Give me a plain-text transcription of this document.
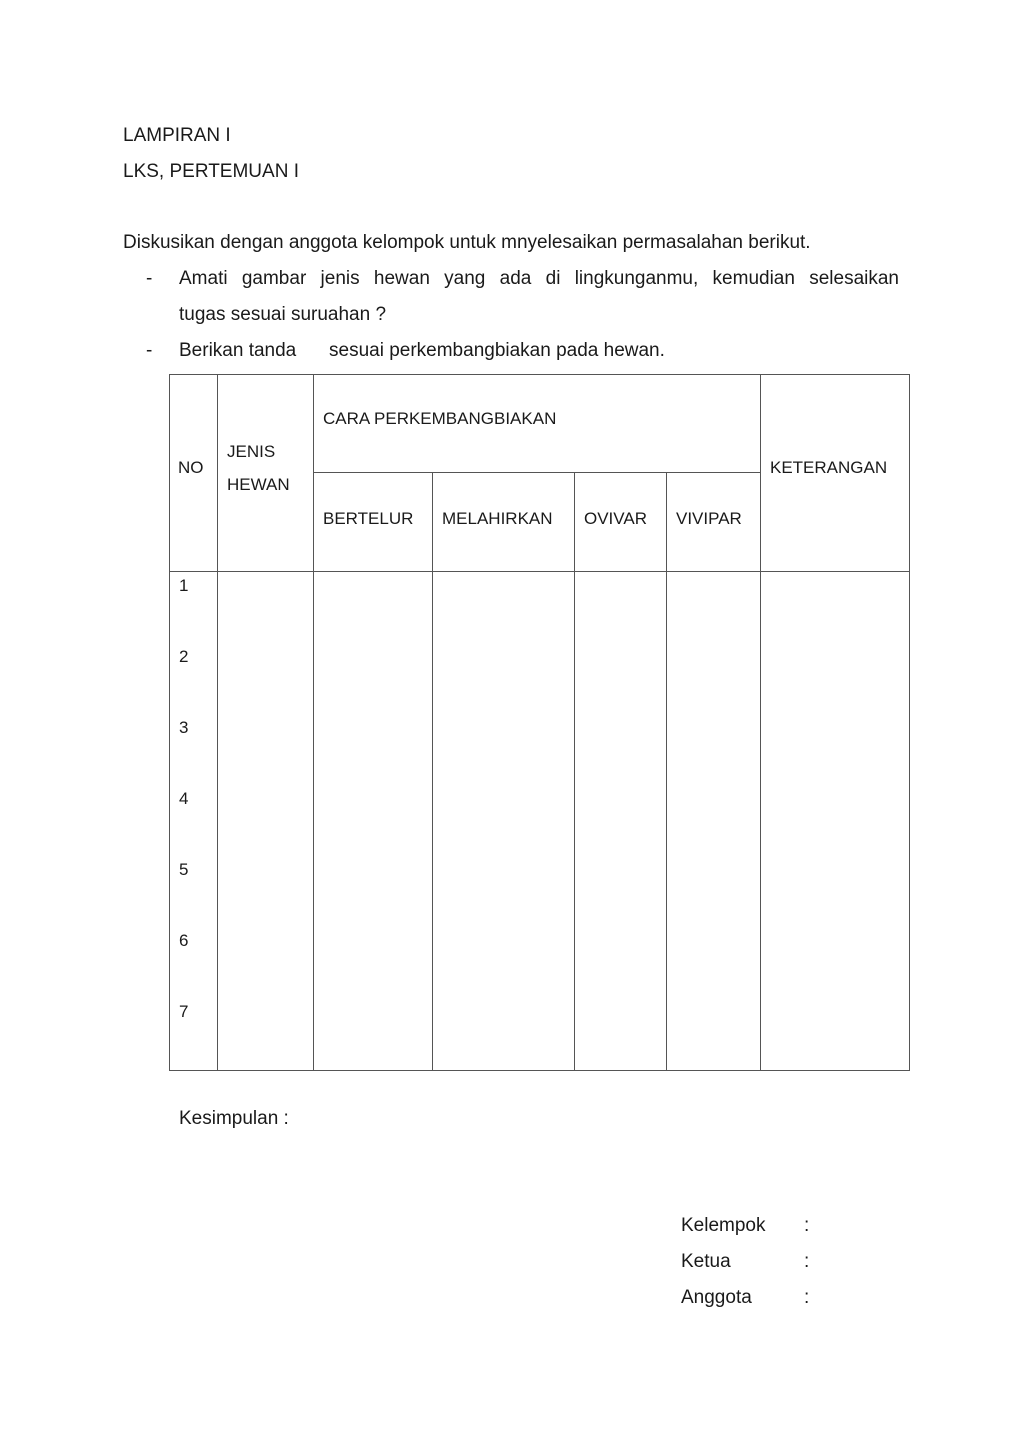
LAMPIRAN I
LKS, PERTEMUAN I
Diskusikan dengan anggota kelompok untuk mnyelesaikan permasalahan berikut.
- Amati gambar jenis hewan yang ada di lingkunganmu, kemudian selesaikan
tugas sesuai suruahan ?
- Berikan tanda sesuai perkembangbiakan pada hewan.
NO
JENIS
HEWAN
CARA PERKEMBANGBIAKAN
BERTELUR MELAHIRKAN OVIVAR VIVIPAR
KETERANGAN
1
2
3
4
5
6
7
Kesimpulan :
Kelempok :
Ketua	:
Anggota	:
